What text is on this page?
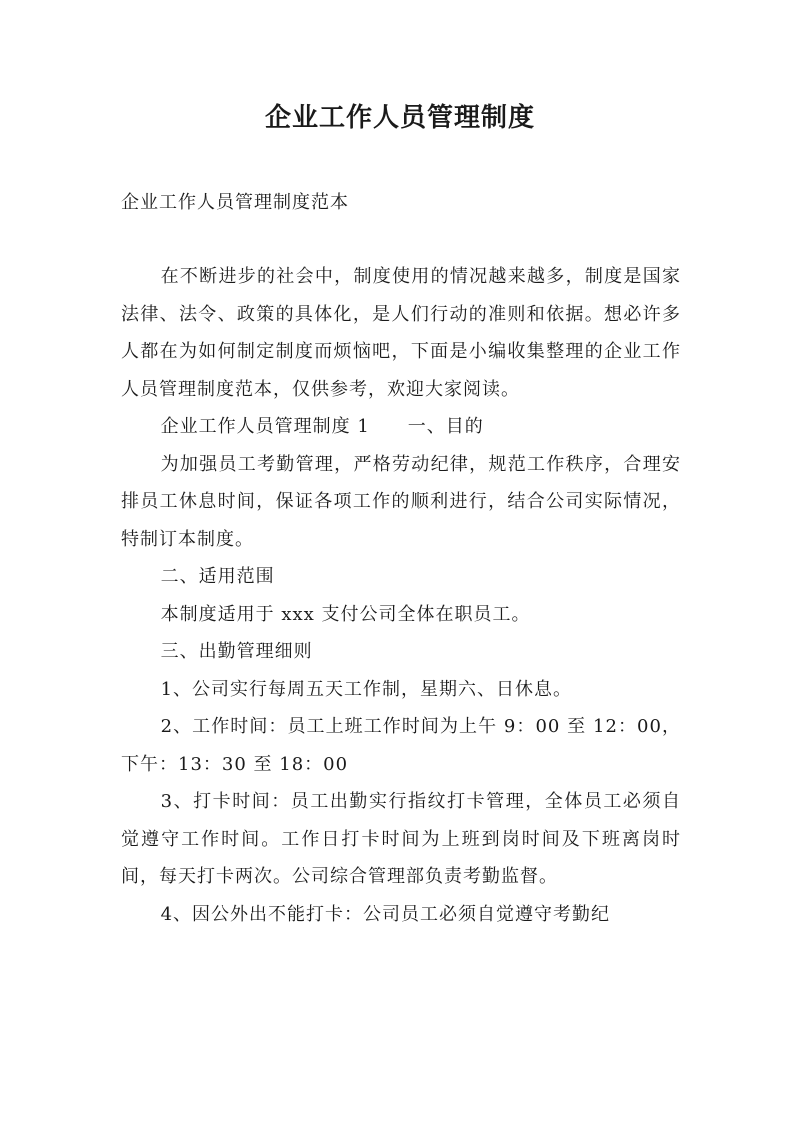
企业工作人员管理制度
企业工作人员管理制度范本

在不断进步的社会中，制度使用的情况越来越多，制度是国家法律、法令、政策的具体化，是人们行动的准则和依据。想必许多人都在为如何制定制度而烦恼吧，下面是小编收集整理的企业工作人员管理制度范本，仅供参考，欢迎大家阅读。

企业工作人员管理制度 1　　一、目的

为加强员工考勤管理，严格劳动纪律，规范工作秩序，合理安排员工休息时间，保证各项工作的顺利进行，结合公司实际情况，特制订本制度。

二、适用范围

本制度适用于 xxx 支付公司全体在职员工。

三、出勤管理细则

1、公司实行每周五天工作制，星期六、日休息。

2、工作时间：员工上班工作时间为上午 9：00 至 12：00，下午：13：30 至 18：00

3、打卡时间：员工出勤实行指纹打卡管理，全体员工必须自觉遵守工作时间。工作日打卡时间为上班到岗时间及下班离岗时间，每天打卡两次。公司综合管理部负责考勤监督。

4、因公外出不能打卡：公司员工必须自觉遵守考勤纪
